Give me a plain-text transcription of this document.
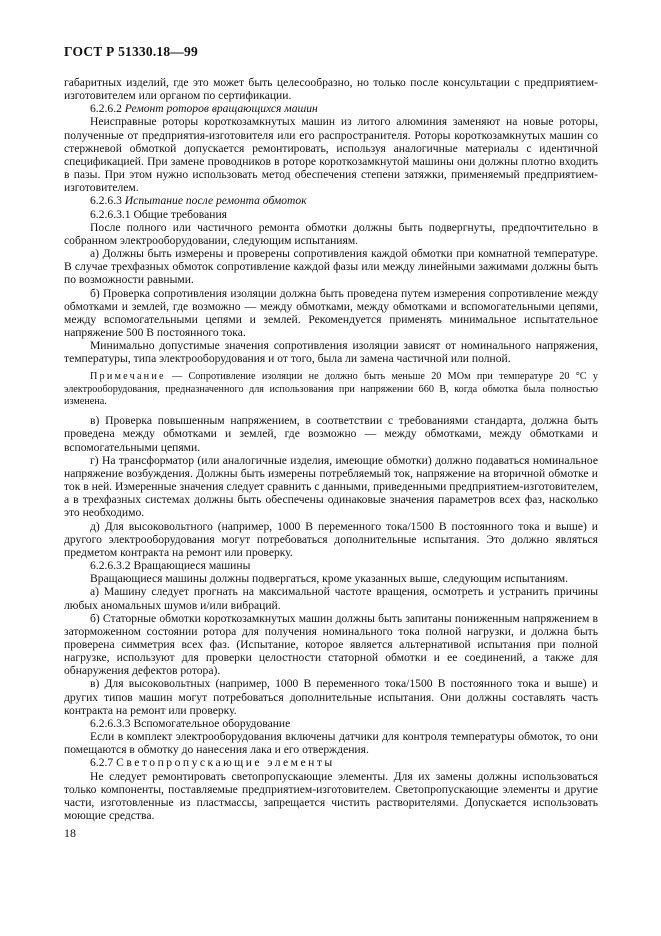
ГОСТ Р 51330.18—99

габаритных изделий, где это может быть целесообразно, но только после консультации с предприятием-изготовителем или органом по сертификации.

6.2.6.2 Ремонт роторов вращающихся машин

Неисправные роторы короткозамкнутых машин из литого алюминия заменяют на новые роторы, полученные от предприятия-изготовителя или его распространителя. Роторы короткозамкнутых машин со стержневой обмоткой допускается ремонтировать, используя аналогичные материалы с идентичной спецификацией. При замене проводников в роторе короткозамкнутой машины они должны плотно входить в пазы. При этом нужно использовать метод обеспечения степени затяжки, применяемый предприятием-изготовителем.

6.2.6.3 Испытание после ремонта обмоток

6.2.6.3.1 Общие требования

После полного или частичного ремонта обмотки должны быть подвергнуты, предпочтительно в собранном электрооборудовании, следующим испытаниям.

а) Должны быть измерены и проверены сопротивления каждой обмотки при комнатной температуре. В случае трехфазных обмоток сопротивление каждой фазы или между линейными зажимами должны быть по возможности равными.

б) Проверка сопротивления изоляции должна быть проведена путем измерения сопротивление между обмотками и землей, где возможно — между обмотками, между обмотками и вспомогательными цепями, между вспомогательными цепями и землей. Рекомендуется применять минимальное испытательное напряжение 500 В постоянного тока.

Минимально допустимые значения сопротивления изоляции зависят от номинального напряжения, температуры, типа электрооборудования и от того, была ли замена частичной или полной.

Примечание — Сопротивление изоляции не должно быть меньше 20 МОм при температуре 20 °С у электрооборудования, предназначенного для использования при напряжении 660 В, когда обмотка была полностью изменена.

в) Проверка повышенным напряжением, в соответствии с требованиями стандарта, должна быть проведена между обмотками и землей, где возможно — между обмотками, между обмотками и вспомогательными цепями.

г) На трансформатор (или аналогичные изделия, имеющие обмотки) должно подаваться номинальное напряжение возбуждения. Должны быть измерены потребляемый ток, напряжение на вторичной обмотке и ток в ней. Измеренные значения следует сравнить с данными, приведенными предприятием-изготовителем, а в трехфазных системах должны быть обеспечены одинаковые значения параметров всех фаз, насколько это необходимо.

д) Для высоковольтного (например, 1000 В переменного тока/1500 В постоянного тока и выше) и другого электрооборудования могут потребоваться дополнительные испытания. Это должно являться предметом контракта на ремонт или проверку.

6.2.6.3.2 Вращающиеся машины

Вращающиеся машины должны подвергаться, кроме указанных выше, следующим испытаниям.

а) Машину следует прогнать на максимальной частоте вращения, осмотреть и устранить причины любых аномальных шумов и/или вибраций.

б) Статорные обмотки короткозамкнутых машин должны быть запитаны пониженным напряжением в заторможенном состоянии ротора для получения номинального тока полной нагрузки, и должна быть проверена симметрия всех фаз. (Испытание, которое является альтернативой испытания при полной нагрузке, используют для проверки целостности статорной обмотки и ее соединений, а также для обнаружения дефектов ротора).

в) Для высоковольтных (например, 1000 В переменного тока/1500 В постоянного тока и выше) и других типов машин могут потребоваться дополнительные испытания. Они должны составлять часть контракта на ремонт или проверку.

6.2.6.3.3 Вспомогательное оборудование

Если в комплект электрооборудования включены датчики для контроля температуры обмоток, то они помещаются в обмотку до нанесения лака и его отверждения.

6.2.7 Светопропускающие элементы

Не следует ремонтировать светопропускающие элементы. Для их замены должны использоваться только компоненты, поставляемые предприятием-изготовителем. Светопропускающие элементы и другие части, изготовленные из пластмассы, запрещается чистить растворителями. Допускается использовать моющие средства.

18
